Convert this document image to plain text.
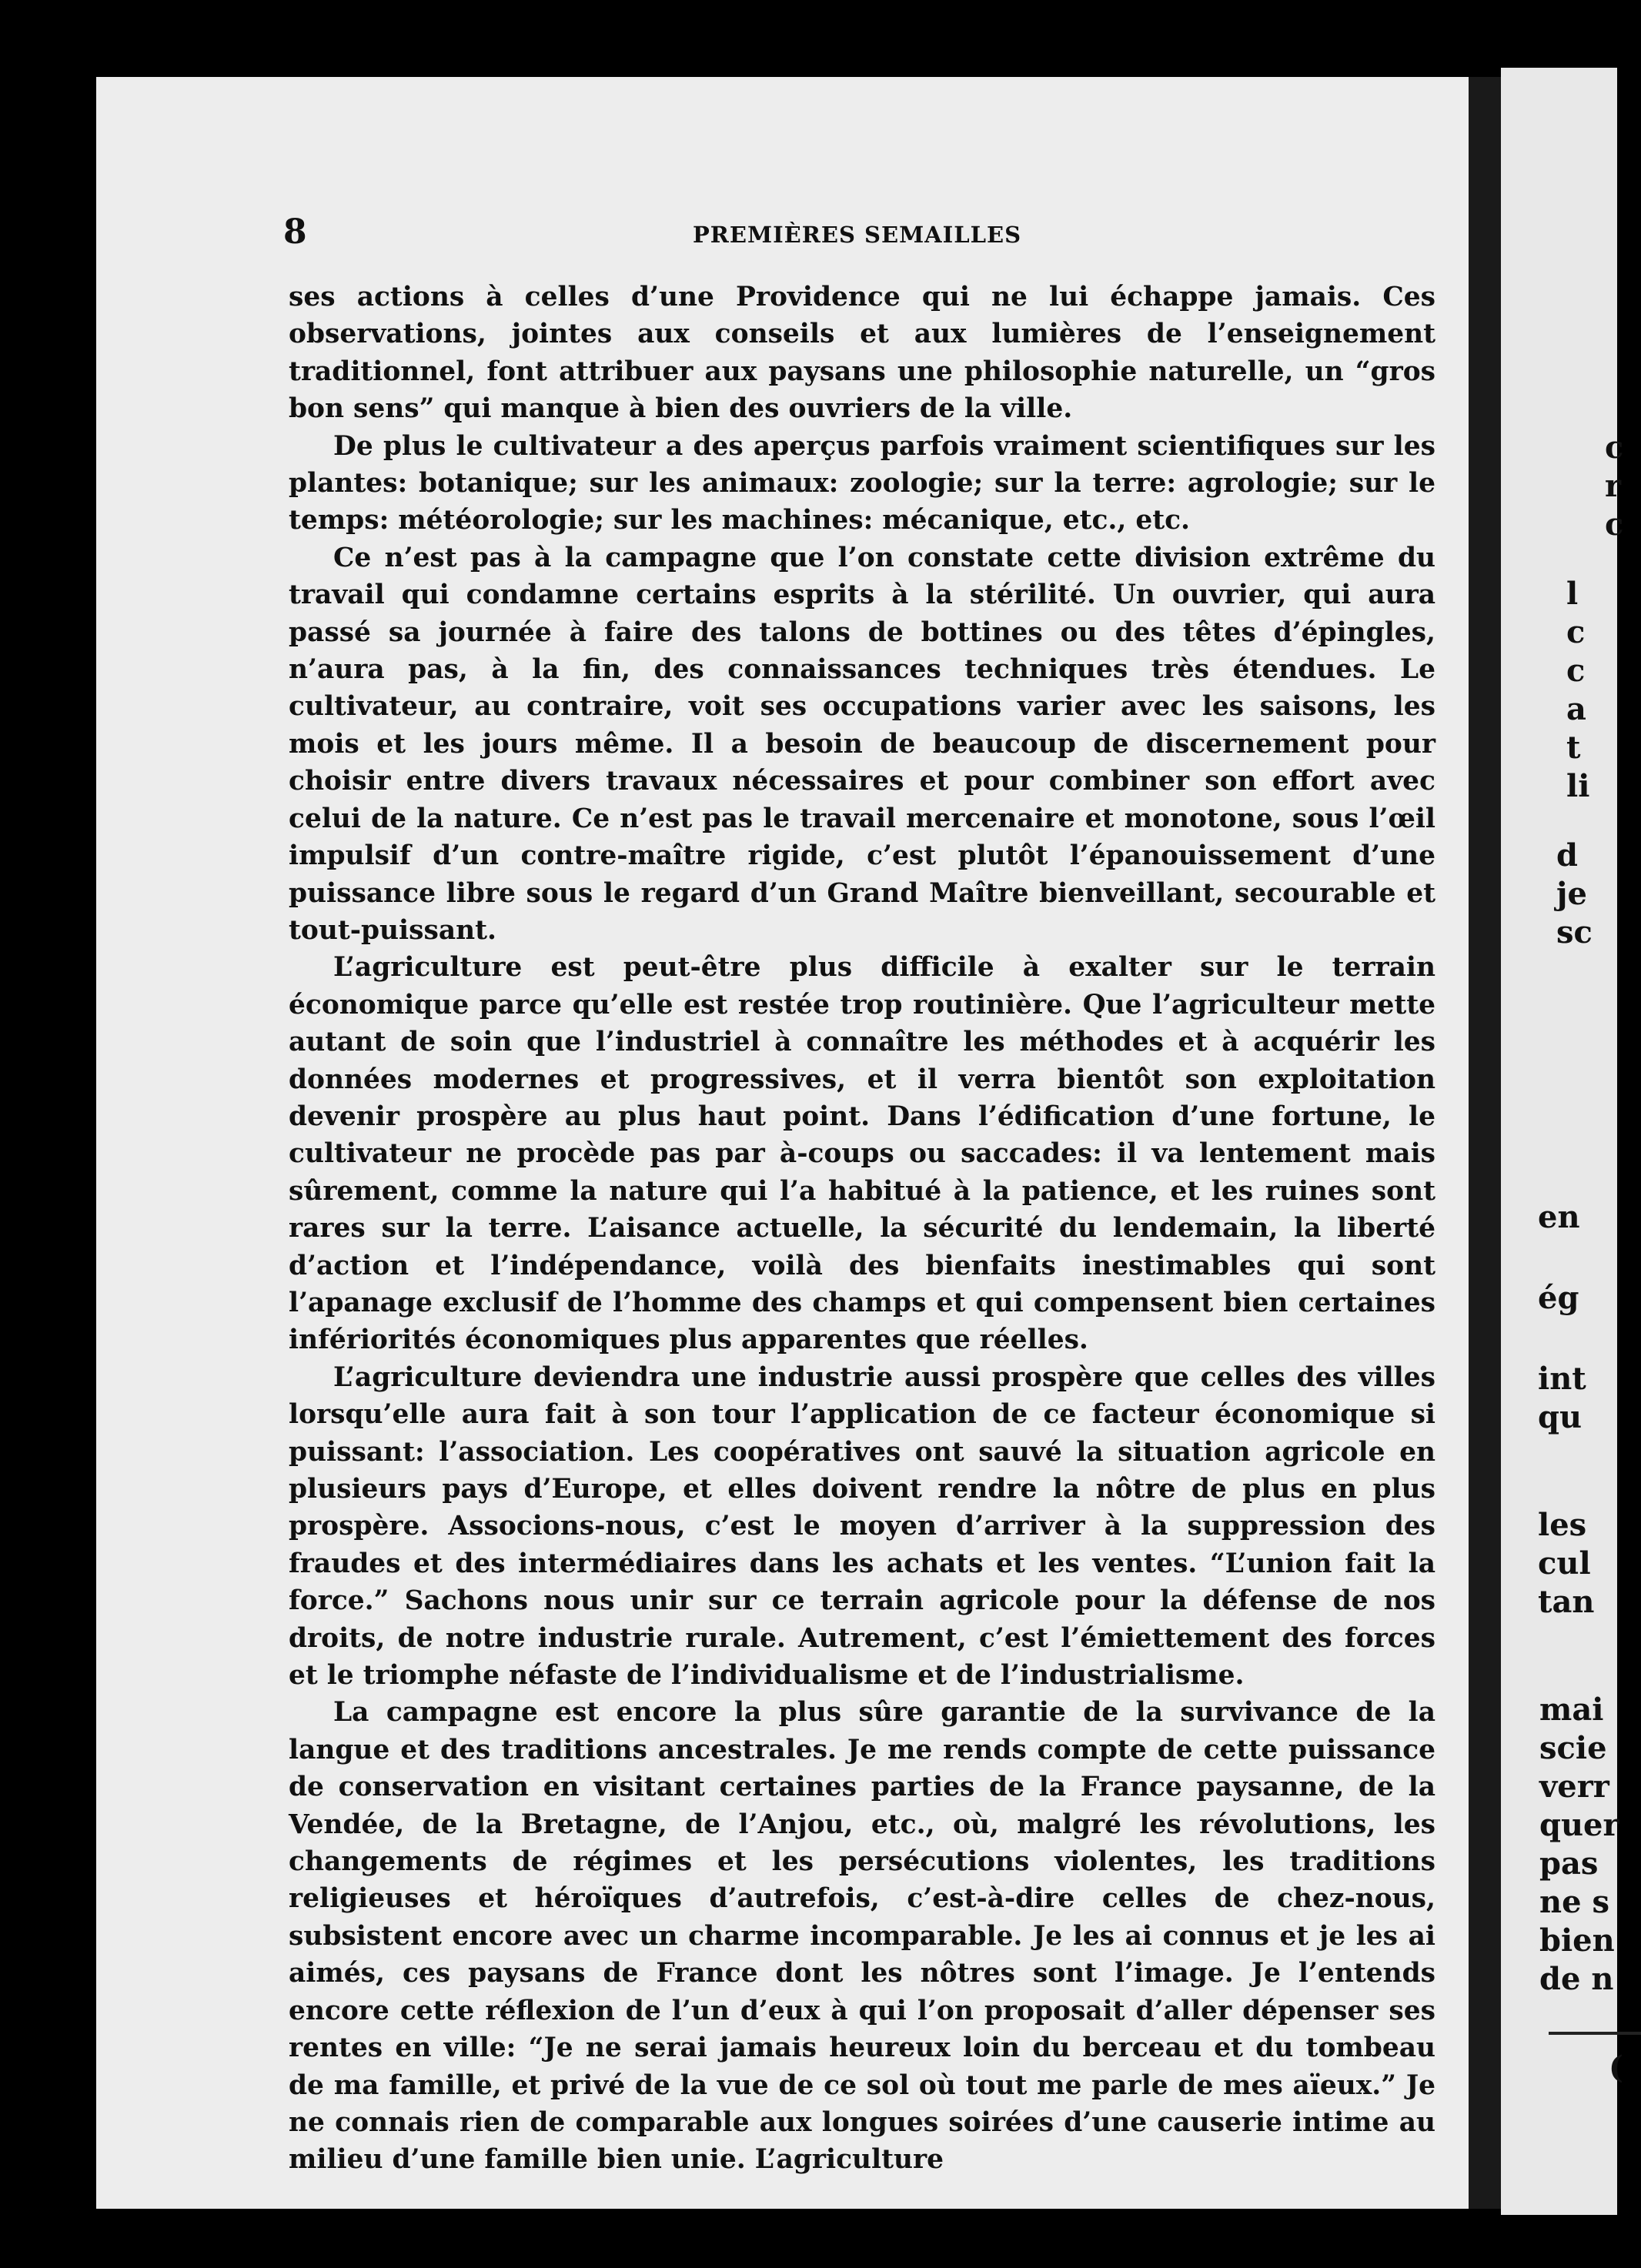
8	PREMIÈRES SEMAILLES

ses actions à celles d’une Providence qui ne lui échappe jamais. Ces observations, jointes aux conseils et aux lumières de l’enseignement traditionnel, font attribuer aux paysans une philosophie naturelle, un “gros bon sens” qui manque à bien des ouvriers de la ville.

De plus le cultivateur a des aperçus parfois vraiment scientifiques sur les plantes: botanique; sur les animaux: zoologie; sur la terre: agrologie; sur le temps: météorologie; sur les machines: mécanique, etc., etc.

Ce n’est pas à la campagne que l’on constate cette division extrême du travail qui condamne certains esprits à la stérilité. Un ouvrier, qui aura passé sa journée à faire des talons de bottines ou des têtes d’épingles, n’aura pas, à la fin, des connaissances techniques très étendues. Le cultivateur, au contraire, voit ses occupations varier avec les saisons, les mois et les jours même. Il a besoin de beaucoup de discernement pour choisir entre divers travaux nécessaires et pour combiner son effort avec celui de la nature. Ce n’est pas le travail mercenaire et monotone, sous l’œil impulsif d’un contre-maître rigide, c’est plutôt l’épanouissement d’une puissance libre sous le regard d’un Grand Maître bienveillant, secourable et tout-puissant.

L’agriculture est peut-être plus difficile à exalter sur le terrain économique parce qu’elle est restée trop routinière. Que l’agriculteur mette autant de soin que l’industriel à connaître les méthodes et à acquérir les données modernes et progressives, et il verra bientôt son exploitation devenir prospère au plus haut point. Dans l’édification d’une fortune, le cultivateur ne procède pas par à-coups ou saccades: il va lentement mais sûrement, comme la nature qui l’a habitué à la patience, et les ruines sont rares sur la terre. L’aisance actuelle, la sécurité du lendemain, la liberté d’action et l’indépendance, voilà des bienfaits inestimables qui sont l’apanage exclusif de l’homme des champs et qui compensent bien certaines infériorités économiques plus apparentes que réelles.

L’agriculture deviendra une industrie aussi prospère que celles des villes lorsqu’elle aura fait à son tour l’application de ce facteur économique si puissant: l’association. Les coopératives ont sauvé la situation agricole en plusieurs pays d’Europe, et elles doivent rendre la nôtre de plus en plus prospère. Associons-nous, c’est le moyen d’arriver à la suppression des fraudes et des intermédiaires dans les achats et les ventes. “L’union fait la force.” Sachons nous unir sur ce terrain agricole pour la défense de nos droits, de notre industrie rurale. Autrement, c’est l’émiettement des forces et le triomphe néfaste de l’individualisme et de l’industrialisme.

La campagne est encore la plus sûre garantie de la survivance de la langue et des traditions ancestrales. Je me rends compte de cette puissance de conservation en visitant certaines parties de la France paysanne, de la Vendée, de la Bretagne, de l’Anjou, etc., où, malgré les révolutions, les changements de régimes et les persécutions violentes, les traditions religieuses et héroïques d’autrefois, c’est-à-dire celles de chez-nous, subsistent encore avec un charme incomparable. Je les ai connus et je les ai aimés, ces paysans de France dont les nôtres sont l’image. Je l’entends encore cette réflexion de l’un d’eux à qui l’on proposait d’aller dépenser ses rentes en ville: “Je ne serai jamais heureux loin du berceau et du tombeau de ma famille, et privé de la vue de ce sol où tout me parle de mes aïeux.” Je ne connais rien de comparable aux longues soirées d’une causerie intime au milieu d’une famille bien unie. L’agriculture

c
r
c
l
c
c
a
t
li
d
je
sc
en
ég
int
qu
les
cul
tan
mai
scie
verr
quer
pas
ne s
bien
de n
(
